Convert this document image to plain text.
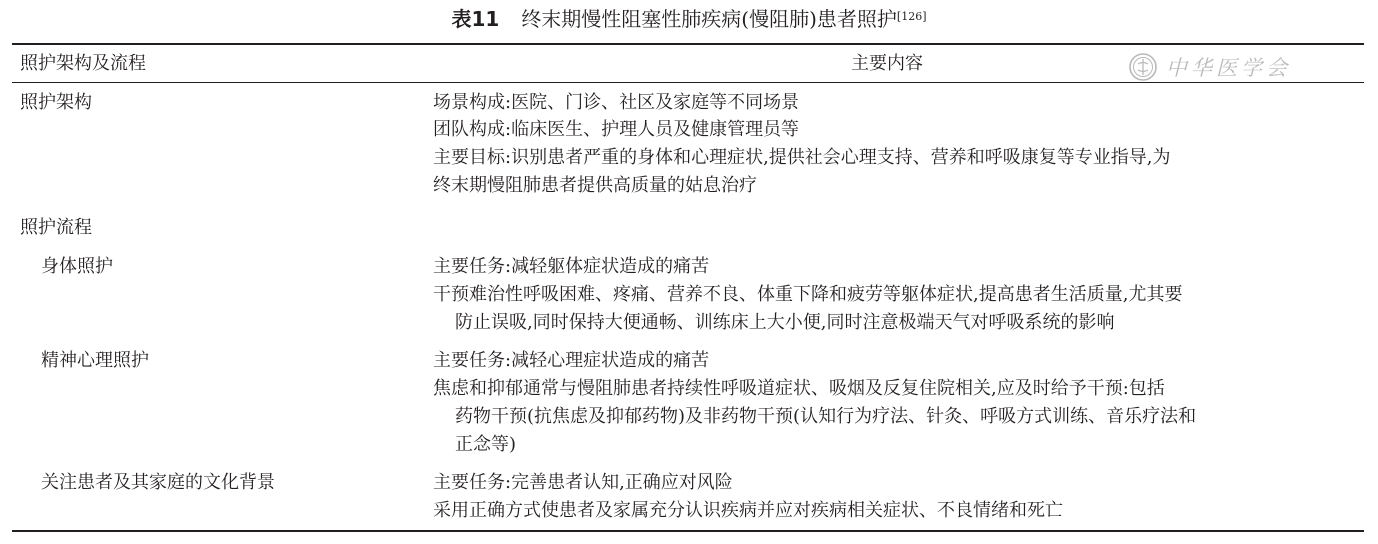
表11 终末期慢性阻塞性肺疾病(慢阻肺)患者照护[126]
照护架构及流程	主要内容	中华医学会
照护架构	场景构成:医院、门诊、社区及家庭等不同场景
团队构成:临床医生、护理人员及健康管理员等
主要目标:识别患者严重的身体和心理症状,提供社会心理支持、营养和呼吸康复等专业指导,为
终末期慢阻肺患者提供高质量的姑息治疗
照护流程
身体照护	主要任务:减轻躯体症状造成的痛苦
干预难治性呼吸困难、疼痛、营养不良、体重下降和疲劳等躯体症状,提高患者生活质量,尤其要
防止误吸,同时保持大便通畅、训练床上大小便,同时注意极端天气对呼吸系统的影响
精神心理照护	主要任务:减轻心理症状造成的痛苦
焦虑和抑郁通常与慢阻肺患者持续性呼吸道症状、吸烟及反复住院相关,应及时给予干预:包括
药物干预(抗焦虑及抑郁药物)及非药物干预(认知行为疗法、针灸、呼吸方式训练、音乐疗法和
正念等)
关注患者及其家庭的文化背景	主要任务:完善患者认知,正确应对风险
采用正确方式使患者及家属充分认识疾病并应对疾病相关症状、不良情绪和死亡
